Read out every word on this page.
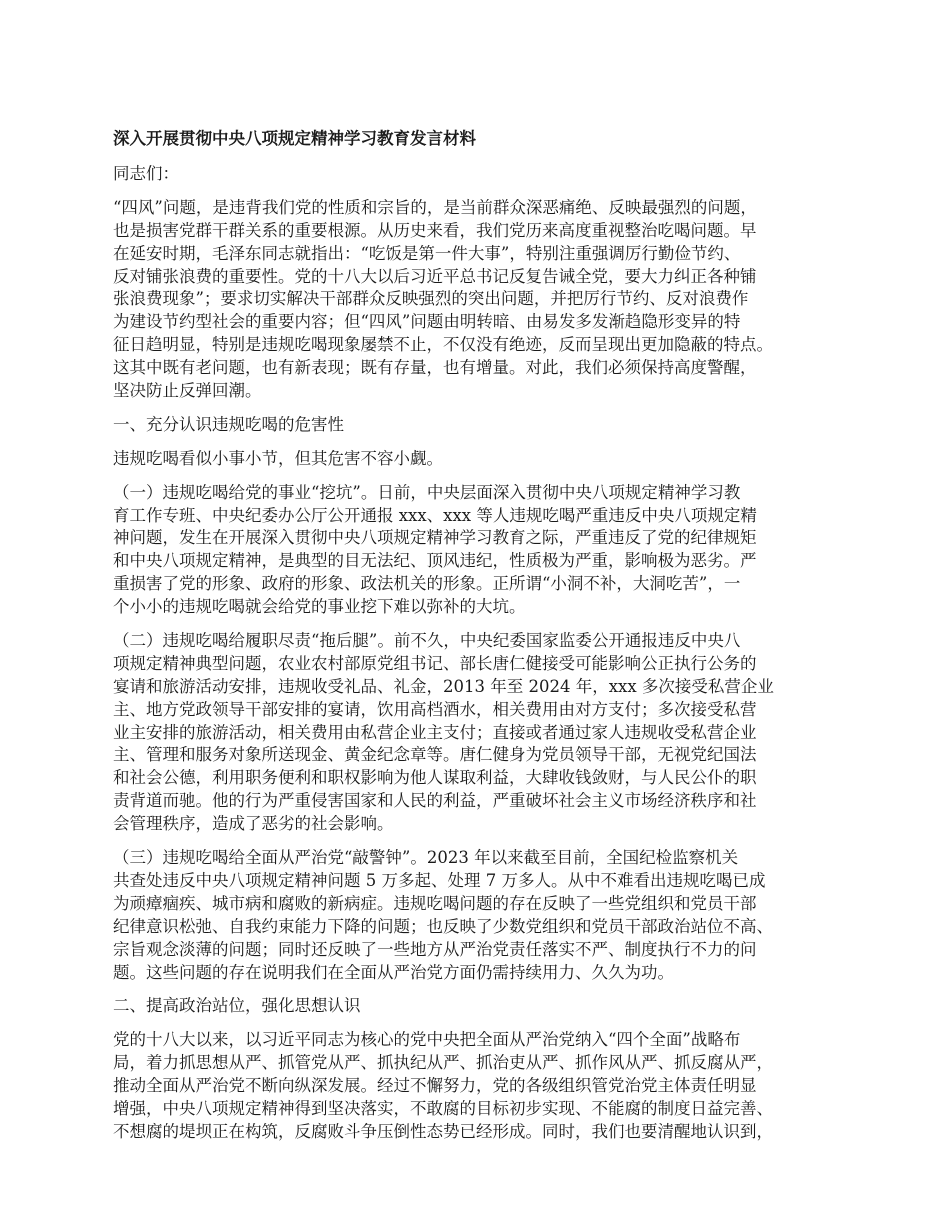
深入开展贯彻中央八项规定精神学习教育发言材料
同志们：
“四风”问题，是违背我们党的性质和宗旨的，是当前群众深恶痛绝、反映最强烈的问题，
也是损害党群干群关系的重要根源。从历史来看，我们党历来高度重视整治吃喝问题。早
在延安时期，毛泽东同志就指出：“吃饭是第一件大事”，特别注重强调厉行勤俭节约、
反对铺张浪费的重要性。党的十八大以后习近平总书记反复告诫全党，要大力纠正各种铺
张浪费现象”；要求切实解决干部群众反映强烈的突出问题，并把厉行节约、反对浪费作
为建设节约型社会的重要内容；但“四风”问题由明转暗、由易发多发渐趋隐形变异的特
征日趋明显，特别是违规吃喝现象屡禁不止，不仅没有绝迹，反而呈现出更加隐蔽的特点。
这其中既有老问题，也有新表现；既有存量，也有增量。对此，我们必须保持高度警醒，
坚决防止反弹回潮。
一、充分认识违规吃喝的危害性
违规吃喝看似小事小节，但其危害不容小觑。
（一）违规吃喝给党的事业“挖坑”。日前，中央层面深入贯彻中央八项规定精神学习教
育工作专班、中央纪委办公厅公开通报 xxx、xxx 等人违规吃喝严重违反中央八项规定精
神问题，发生在开展深入贯彻中央八项规定精神学习教育之际，严重违反了党的纪律规矩
和中央八项规定精神，是典型的目无法纪、顶风违纪，性质极为严重，影响极为恶劣。严
重损害了党的形象、政府的形象、政法机关的形象。正所谓“小洞不补，大洞吃苦”，一
个小小的违规吃喝就会给党的事业挖下难以弥补的大坑。
（二）违规吃喝给履职尽责“拖后腿”。前不久，中央纪委国家监委公开通报违反中央八
项规定精神典型问题，农业农村部原党组书记、部长唐仁健接受可能影响公正执行公务的
宴请和旅游活动安排，违规收受礼品、礼金，2013 年至 2024 年，xxx 多次接受私营企业
主、地方党政领导干部安排的宴请，饮用高档酒水，相关费用由对方支付；多次接受私营
业主安排的旅游活动，相关费用由私营企业主支付；直接或者通过家人违规收受私营企业
主、管理和服务对象所送现金、黄金纪念章等。唐仁健身为党员领导干部，无视党纪国法
和社会公德，利用职务便利和职权影响为他人谋取利益，大肆收钱敛财，与人民公仆的职
责背道而驰。他的行为严重侵害国家和人民的利益，严重破坏社会主义市场经济秩序和社
会管理秩序，造成了恶劣的社会影响。
（三）违规吃喝给全面从严治党“敲警钟”。2023 年以来截至目前，全国纪检监察机关
共查处违反中央八项规定精神问题 5 万多起、处理 7 万多人。从中不难看出违规吃喝已成
为顽瘴痼疾、城市病和腐败的新病症。违规吃喝问题的存在反映了一些党组织和党员干部
纪律意识松弛、自我约束能力下降的问题；也反映了少数党组织和党员干部政治站位不高、
宗旨观念淡薄的问题；同时还反映了一些地方从严治党责任落实不严、制度执行不力的问
题。这些问题的存在说明我们在全面从严治党方面仍需持续用力、久久为功。
二、提高政治站位，强化思想认识
党的十八大以来，以习近平同志为核心的党中央把全面从严治党纳入“四个全面”战略布
局，着力抓思想从严、抓管党从严、抓执纪从严、抓治吏从严、抓作风从严、抓反腐从严，
推动全面从严治党不断向纵深发展。经过不懈努力，党的各级组织管党治党主体责任明显
增强，中央八项规定精神得到坚决落实，不敢腐的目标初步实现、不能腐的制度日益完善、
不想腐的堤坝正在构筑，反腐败斗争压倒性态势已经形成。同时，我们也要清醒地认识到，
